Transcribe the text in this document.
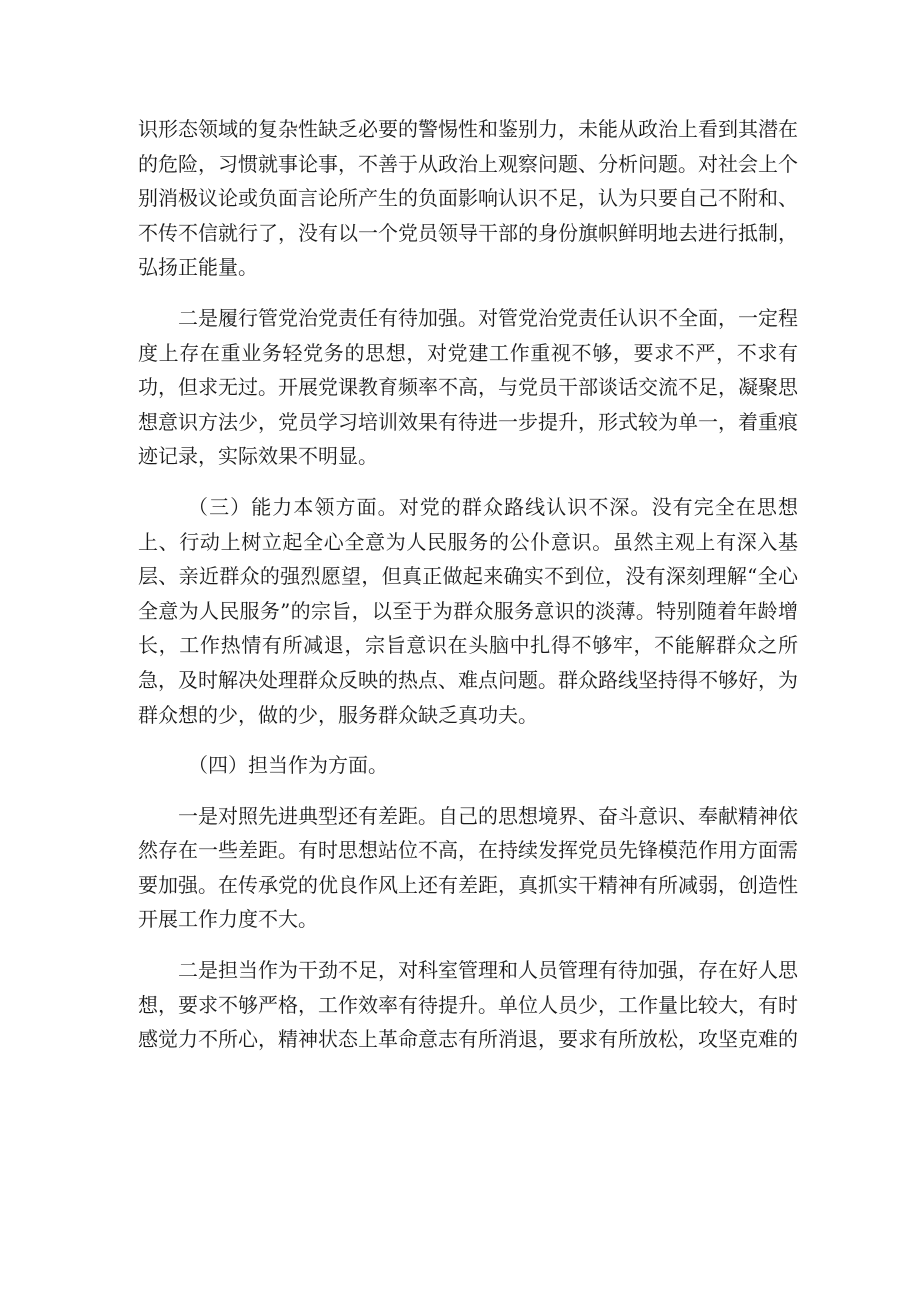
识形态领域的复杂性缺乏必要的警惕性和鉴别力，未能从政治上看到其潜在的危险，习惯就事论事，不善于从政治上观察问题、分析问题。对社会上个别消极议论或负面言论所产生的负面影响认识不足，认为只要自己不附和、不传不信就行了，没有以一个党员领导干部的身份旗帜鲜明地去进行抵制，弘扬正能量。

二是履行管党治党责任有待加强。对管党治党责任认识不全面，一定程度上存在重业务轻党务的思想，对党建工作重视不够，要求不严，不求有功，但求无过。开展党课教育频率不高，与党员干部谈话交流不足，凝聚思想意识方法少，党员学习培训效果有待进一步提升，形式较为单一，着重痕迹记录，实际效果不明显。

（三）能力本领方面。对党的群众路线认识不深。没有完全在思想上、行动上树立起全心全意为人民服务的公仆意识。虽然主观上有深入基层、亲近群众的强烈愿望，但真正做起来确实不到位，没有深刻理解“全心全意为人民服务”的宗旨，以至于为群众服务意识的淡薄。特别随着年龄增长，工作热情有所减退，宗旨意识在头脑中扎得不够牢，不能解群众之所急，及时解决处理群众反映的热点、难点问题。群众路线坚持得不够好，为群众想的少，做的少，服务群众缺乏真功夫。

（四）担当作为方面。

一是对照先进典型还有差距。自己的思想境界、奋斗意识、奉献精神依然存在一些差距。有时思想站位不高，在持续发挥党员先锋模范作用方面需要加强。在传承党的优良作风上还有差距，真抓实干精神有所减弱，创造性开展工作力度不大。

二是担当作为干劲不足，对科室管理和人员管理有待加强，存在好人思想，要求不够严格，工作效率有待提升。单位人员少，工作量比较大，有时感觉力不所心，精神状态上革命意志有所消退，要求有所放松，攻坚克难的
